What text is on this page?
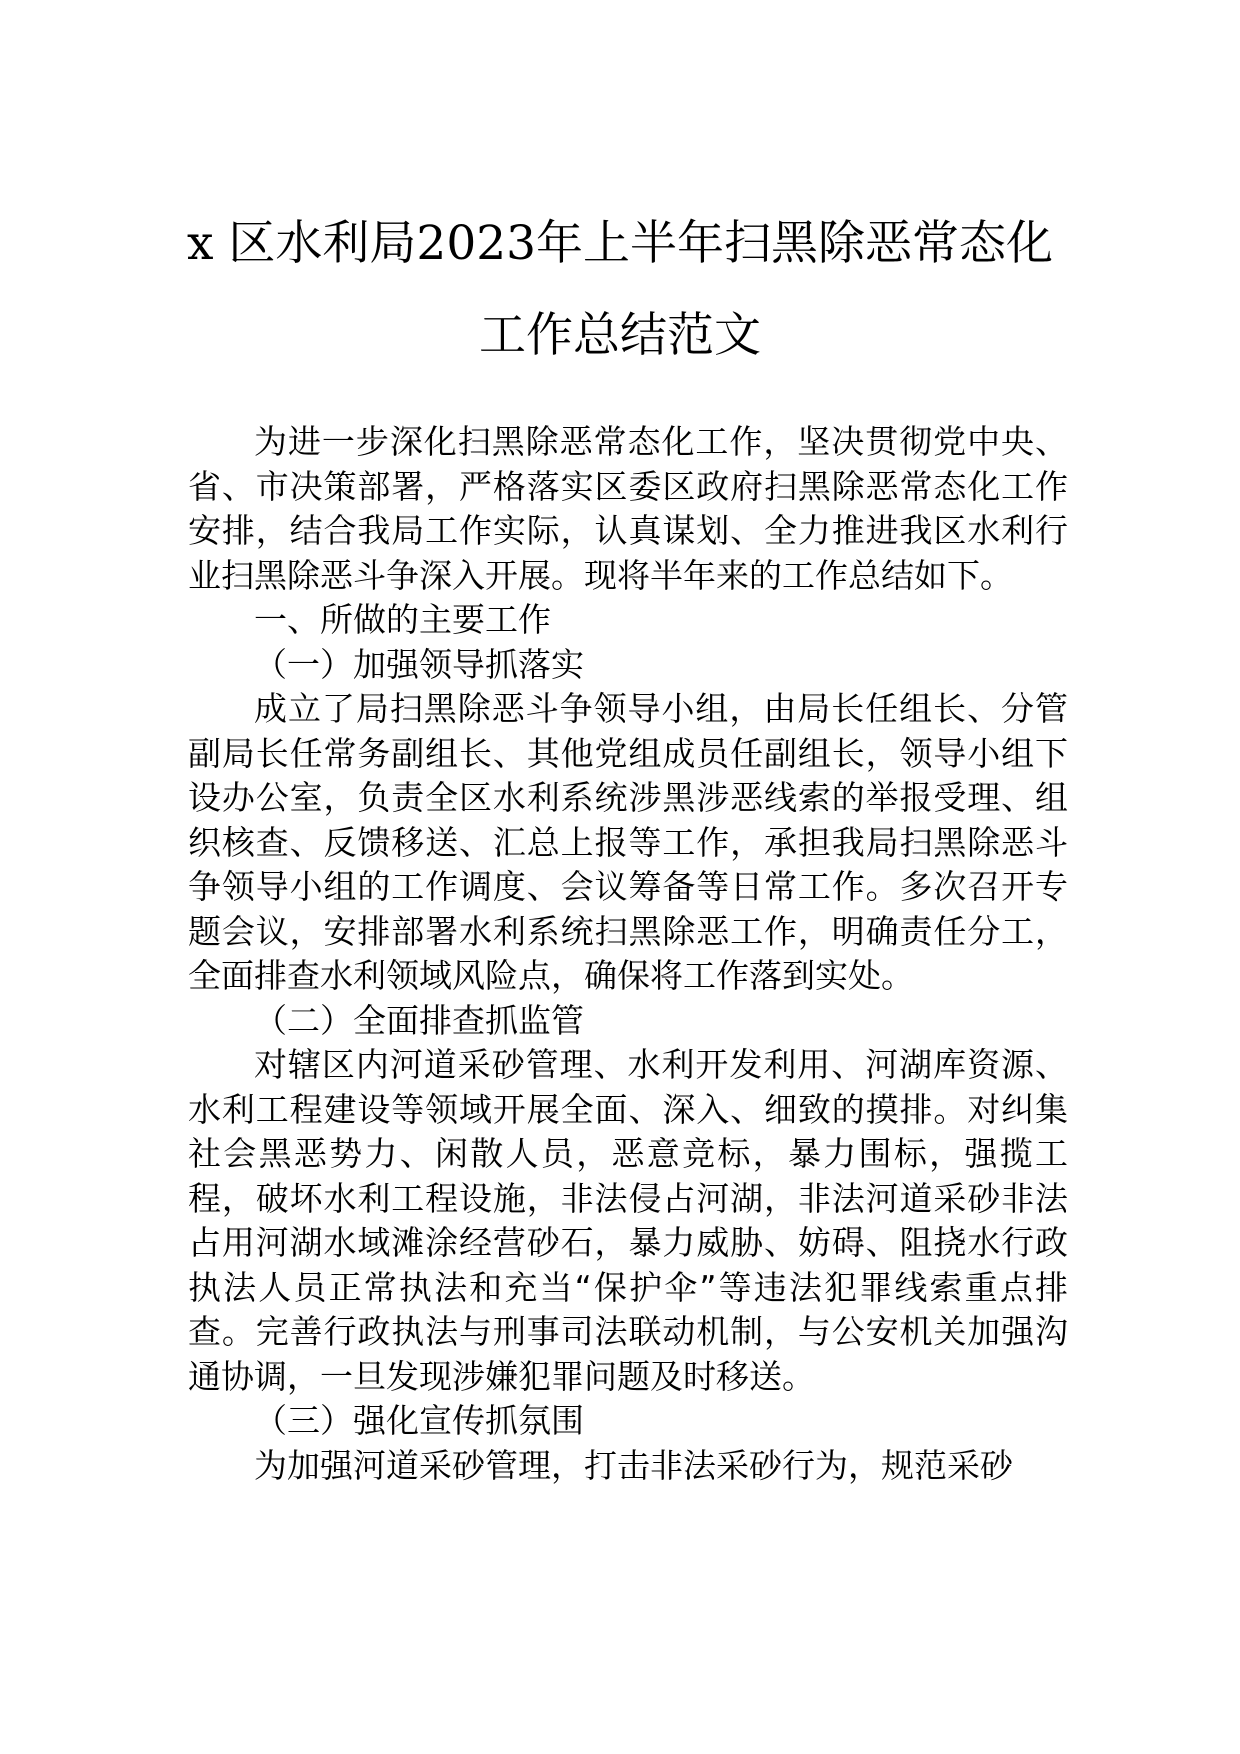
x 区水利局2023年上半年扫黑除恶常态化
工作总结范文

为进一步深化扫黑除恶常态化工作，坚决贯彻党中央、省、市决策部署，严格落实区委区政府扫黑除恶常态化工作安排，结合我局工作实际，认真谋划、全力推进我区水利行业扫黑除恶斗争深入开展。现将半年来的工作总结如下。

一、所做的主要工作

（一）加强领导抓落实

成立了局扫黑除恶斗争领导小组，由局长任组长、分管副局长任常务副组长、其他党组成员任副组长，领导小组下设办公室，负责全区水利系统涉黑涉恶线索的举报受理、组织核查、反馈移送、汇总上报等工作，承担我局扫黑除恶斗争领导小组的工作调度、会议筹备等日常工作。多次召开专题会议，安排部署水利系统扫黑除恶工作，明确责任分工，全面排查水利领域风险点，确保将工作落到实处。

（二）全面排查抓监管

对辖区内河道采砂管理、水利开发利用、河湖库资源、水利工程建设等领域开展全面、深入、细致的摸排。对纠集社会黑恶势力、闲散人员，恶意竞标，暴力围标，强揽工程，破坏水利工程设施，非法侵占河湖，非法河道采砂非法占用河湖水域滩涂经营砂石，暴力威胁、妨碍、阻挠水行政执法人员正常执法和充当“保护伞”等违法犯罪线索重点排查。完善行政执法与刑事司法联动机制，与公安机关加强沟通协调，一旦发现涉嫌犯罪问题及时移送。

（三）强化宣传抓氛围

为加强河道采砂管理，打击非法采砂行为，规范采砂
